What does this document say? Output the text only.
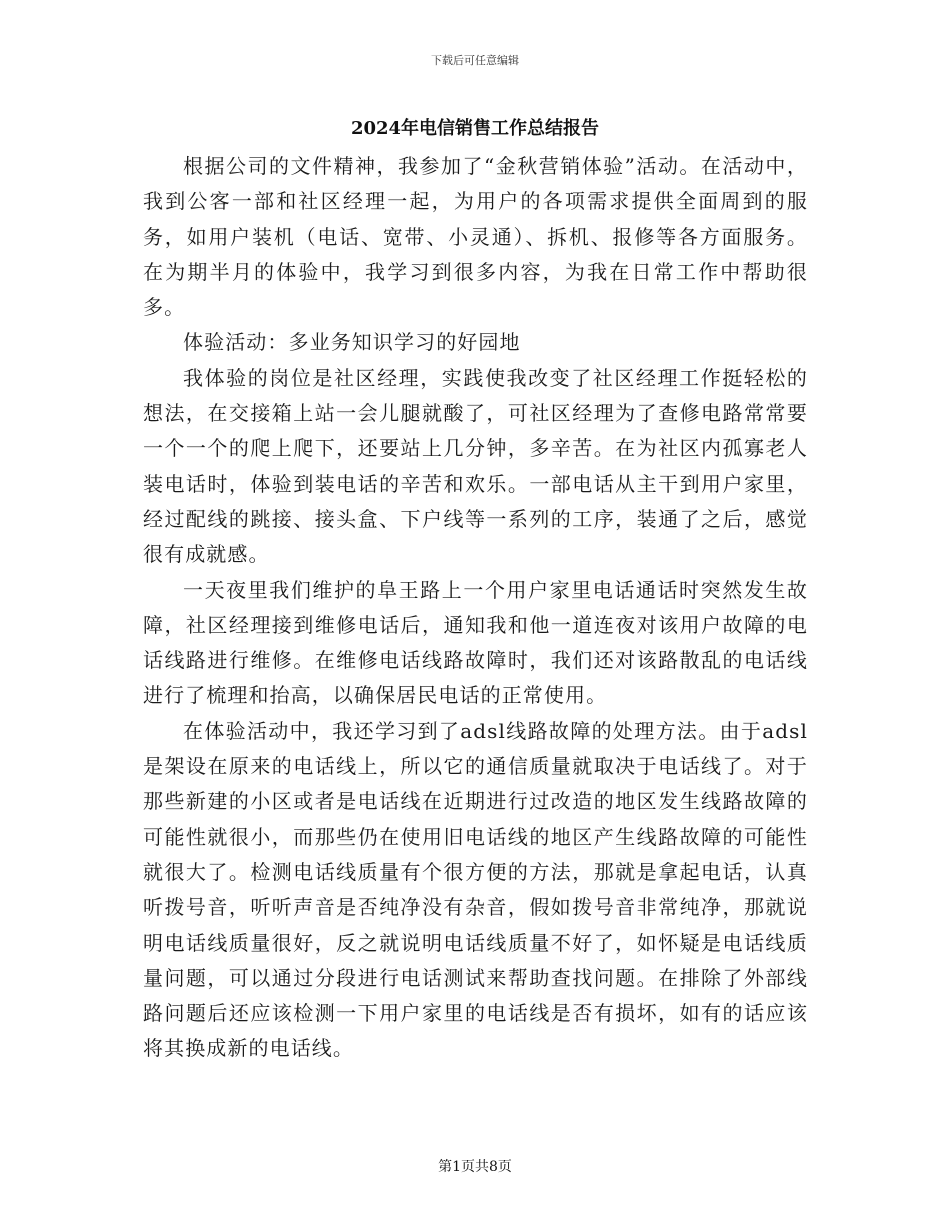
下载后可任意编辑
2024年电信销售工作总结报告

根据公司的文件精神，我参加了“金秋营销体验”活动。在活动中，我到公客一部和社区经理一起，为用户的各项需求提供全面周到的服务，如用户装机（电话、宽带、小灵通）、拆机、报修等各方面服务。在为期半月的体验中，我学习到很多内容，为我在日常工作中帮助很多。

体验活动：多业务知识学习的好园地

我体验的岗位是社区经理，实践使我改变了社区经理工作挺轻松的想法，在交接箱上站一会儿腿就酸了，可社区经理为了查修电路常常要一个一个的爬上爬下，还要站上几分钟，多辛苦。在为社区内孤寡老人装电话时，体验到装电话的辛苦和欢乐。一部电话从主干到用户家里，经过配线的跳接、接头盒、下户线等一系列的工序，装通了之后，感觉很有成就感。

一天夜里我们维护的阜王路上一个用户家里电话通话时突然发生故障，社区经理接到维修电话后，通知我和他一道连夜对该用户故障的电话线路进行维修。在维修电话线路故障时，我们还对该路散乱的电话线进行了梳理和抬高，以确保居民电话的正常使用。

在体验活动中，我还学习到了adsl线路故障的处理方法。由于adsl是架设在原来的电话线上，所以它的通信质量就取决于电话线了。对于那些新建的小区或者是电话线在近期进行过改造的地区发生线路故障的可能性就很小，而那些仍在使用旧电话线的地区产生线路故障的可能性就很大了。检测电话线质量有个很方便的方法，那就是拿起电话，认真听拨号音，听听声音是否纯净没有杂音，假如拨号音非常纯净，那就说明电话线质量很好，反之就说明电话线质量不好了，如怀疑是电话线质量问题，可以通过分段进行电话测试来帮助查找问题。在排除了外部线路问题后还应该检测一下用户家里的电话线是否有损坏，如有的话应该将其换成新的电话线。

第1页共8页
